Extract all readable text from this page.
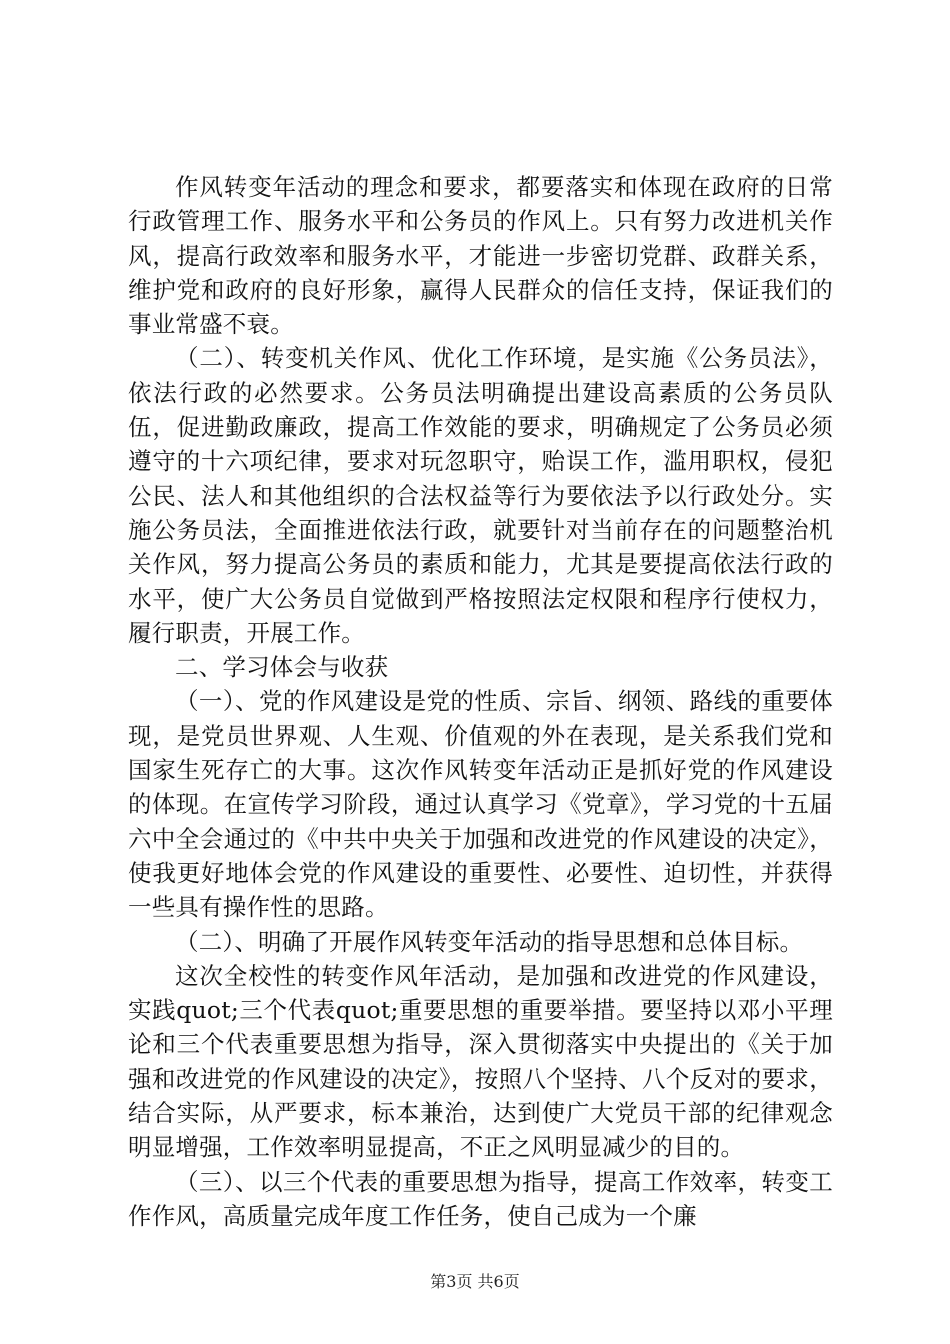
作风转变年活动的理念和要求，都要落实和体现在政府的日常行政管理工作、服务水平和公务员的作风上。只有努力改进机关作风，提高行政效率和服务水平，才能进一步密切党群、政群关系，维护党和政府的良好形象，赢得人民群众的信任支持，保证我们的事业常盛不衰。

（二）、转变机关作风、优化工作环境，是实施《公务员法》，依法行政的必然要求。公务员法明确提出建设高素质的公务员队伍，促进勤政廉政，提高工作效能的要求，明确规定了公务员必须遵守的十六项纪律，要求对玩忽职守，贻误工作，滥用职权，侵犯公民、法人和其他组织的合法权益等行为要依法予以行政处分。实施公务员法，全面推进依法行政，就要针对当前存在的问题整治机关作风，努力提高公务员的素质和能力，尤其是要提高依法行政的水平，使广大公务员自觉做到严格按照法定权限和程序行使权力，履行职责，开展工作。

二、学习体会与收获

（一）、党的作风建设是党的性质、宗旨、纲领、路线的重要体现，是党员世界观、人生观、价值观的外在表现，是关系我们党和国家生死存亡的大事。这次作风转变年活动正是抓好党的作风建设的体现。在宣传学习阶段，通过认真学习《党章》，学习党的十五届六中全会通过的《中共中央关于加强和改进党的作风建设的决定》，使我更好地体会党的作风建设的重要性、必要性、迫切性，并获得一些具有操作性的思路。

（二）、明确了开展作风转变年活动的指导思想和总体目标。

这次全校性的转变作风年活动，是加强和改进党的作风建设，实践quot;三个代表quot;重要思想的重要举措。要坚持以邓小平理论和三个代表重要思想为指导，深入贯彻落实中央提出的《关于加强和改进党的作风建设的决定》，按照八个坚持、八个反对的要求，结合实际，从严要求，标本兼治，达到使广大党员干部的纪律观念明显增强，工作效率明显提高，不正之风明显减少的目的。

（三）、以三个代表的重要思想为指导，提高工作效率，转变工作作风，高质量完成年度工作任务，使自己成为一个廉

第3页 共6页
